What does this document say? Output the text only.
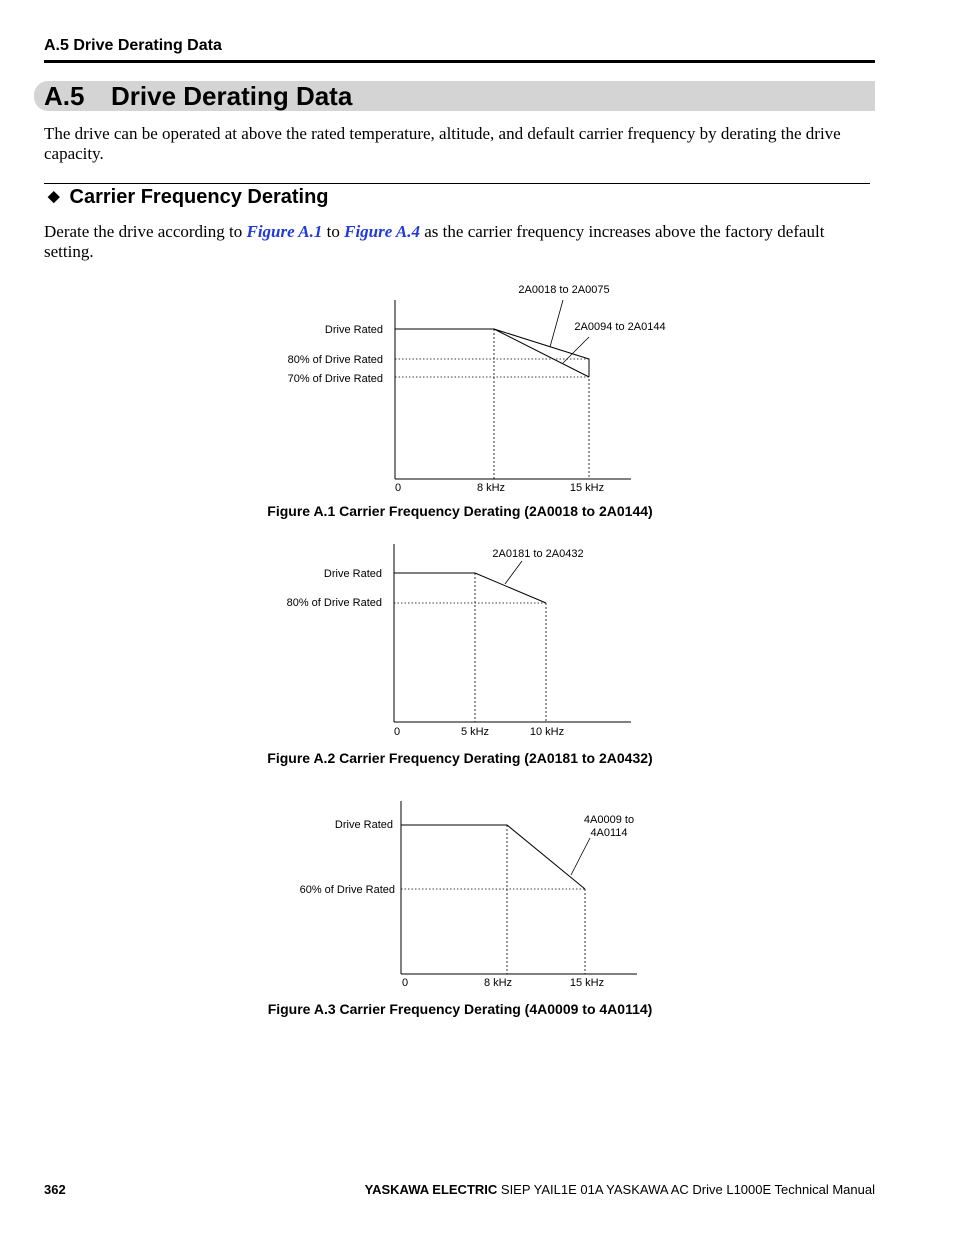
A.5 Drive Derating Data
A.5 Drive Derating Data
The drive can be operated at above the rated temperature, altitude, and default carrier frequency by derating the drive capacity.
◆ Carrier Frequency Derating
Derate the drive according to Figure A.1 to Figure A.4 as the carrier frequency increases above the factory default setting.
Drive Rated
80% of Drive Rated
70% of Drive Rated
0	8 kHz	15 kHz
2A0018 to 2A0075
2A0094 to 2A0144
Figure A.1 Carrier Frequency Derating (2A0018 to 2A0144)
Drive Rated
80% of Drive Rated
0	5 kHz	10 kHz
2A0181 to 2A0432
Figure A.2 Carrier Frequency Derating (2A0181 to 2A0432)
Drive Rated
60% of Drive Rated
0	8 kHz	15 kHz
4A0009 to
4A0114
Figure A.3 Carrier Frequency Derating (4A0009 to 4A0114)
362	YASKAWA ELECTRIC SIEP YAIL1E 01A YASKAWA AC Drive L1000E Technical Manual
